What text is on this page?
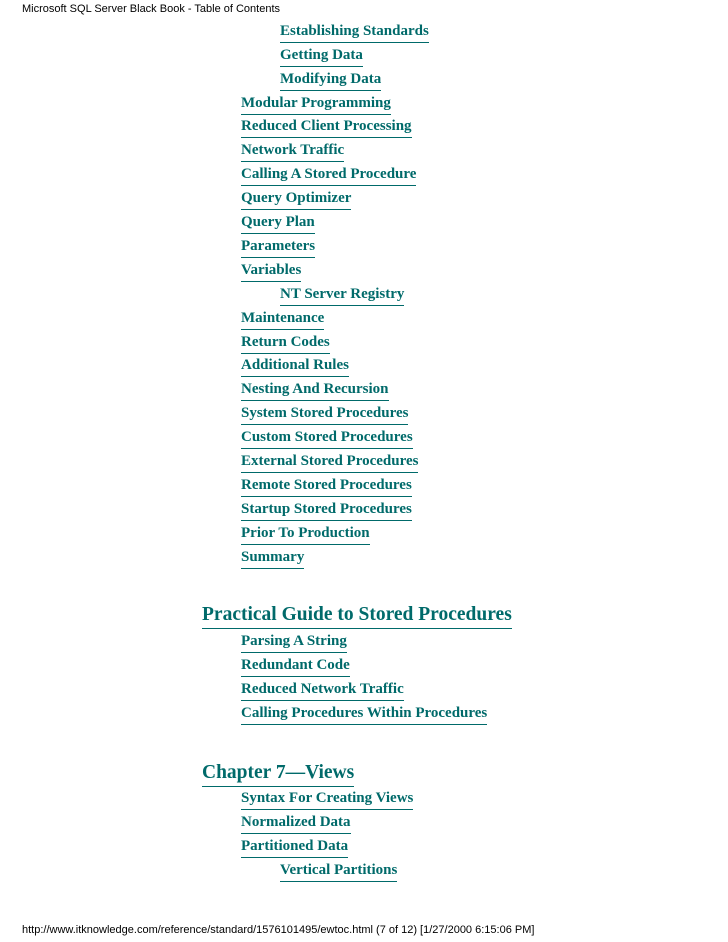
Microsoft SQL Server Black Book - Table of Contents
Establishing Standards
Getting Data
Modifying Data
Modular Programming
Reduced Client Processing
Network Traffic
Calling A Stored Procedure
Query Optimizer
Query Plan
Parameters
Variables
NT Server Registry
Maintenance
Return Codes
Additional Rules
Nesting And Recursion
System Stored Procedures
Custom Stored Procedures
External Stored Procedures
Remote Stored Procedures
Startup Stored Procedures
Prior To Production
Summary
Practical Guide to Stored Procedures
Parsing A String
Redundant Code
Reduced Network Traffic
Calling Procedures Within Procedures
Chapter 7—Views
Syntax For Creating Views
Normalized Data
Partitioned Data
Vertical Partitions
http://www.itknowledge.com/reference/standard/1576101495/ewtoc.html (7 of 12) [1/27/2000 6:15:06 PM]
